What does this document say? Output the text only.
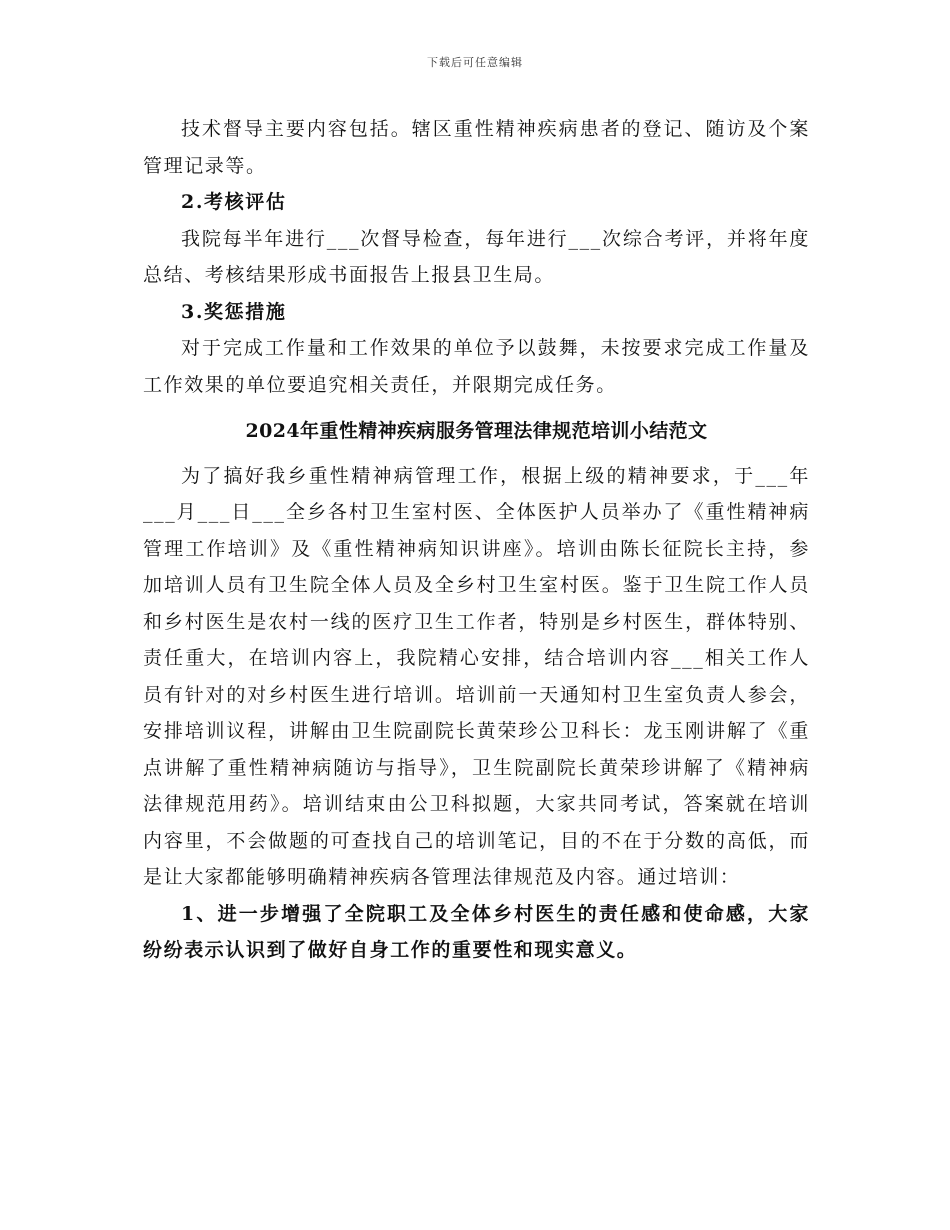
下载后可任意编辑

技术督导主要内容包括。辖区重性精神疾病患者的登记、随访及个案管理记录等。

2.考核评估

我院每半年进行___次督导检查，每年进行___次综合考评，并将年度总结、考核结果形成书面报告上报县卫生局。

3.奖惩措施

对于完成工作量和工作效果的单位予以鼓舞，未按要求完成工作量及工作效果的单位要追究相关责任，并限期完成任务。

2024年重性精神疾病服务管理法律规范培训小结范文

为了搞好我乡重性精神病管理工作，根据上级的精神要求，于___年___月___日___全乡各村卫生室村医、全体医护人员举办了《重性精神病管理工作培训》及《重性精神病知识讲座》。培训由陈长征院长主持，参加培训人员有卫生院全体人员及全乡村卫生室村医。鉴于卫生院工作人员和乡村医生是农村一线的医疗卫生工作者，特别是乡村医生，群体特别、责任重大，在培训内容上，我院精心安排，结合培训内容___相关工作人员有针对的对乡村医生进行培训。培训前一天通知村卫生室负责人参会，安排培训议程，讲解由卫生院副院长黄荣珍公卫科长：龙玉刚讲解了《重点讲解了重性精神病随访与指导》，卫生院副院长黄荣珍讲解了《精神病法律规范用药》。培训结束由公卫科拟题，大家共同考试，答案就在培训内容里，不会做题的可查找自己的培训笔记，目的不在于分数的高低，而是让大家都能够明确精神疾病各管理法律规范及内容。通过培训：

1、进一步增强了全院职工及全体乡村医生的责任感和使命感，大家纷纷表示认识到了做好自身工作的重要性和现实意义。
